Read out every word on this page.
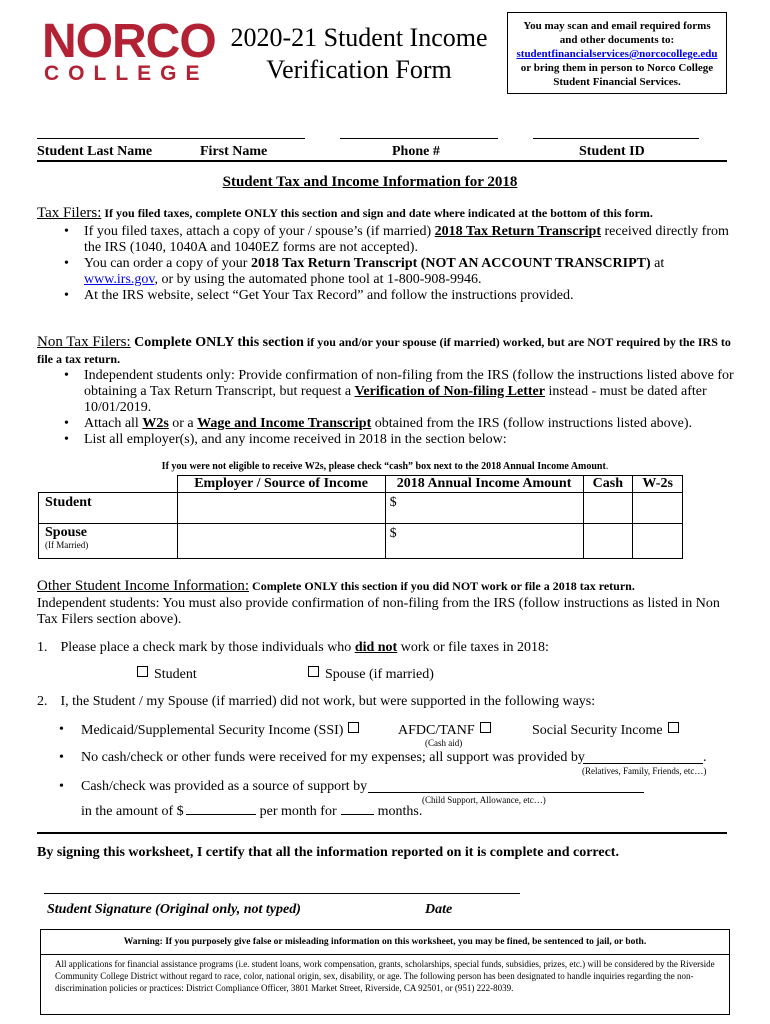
NORCO
COLLEGE
2020-21 Student Income
Verification Form
You may scan and email required forms
and other documents to:
studentfinancialservices@norcocollege.edu
or bring them in person to Norco College
Student Financial Services.
Student Last Name	First Name	Phone #	Student ID
Student Tax and Income Information for 2018
Tax Filers: If you filed taxes, complete ONLY this section and sign and date where indicated at the bottom of this form.
• If you filed taxes, attach a copy of your / spouse’s (if married) 2018 Tax Return Transcript received directly from the IRS (1040, 1040A and 1040EZ forms are not accepted).
• You can order a copy of your 2018 Tax Return Transcript (NOT AN ACCOUNT TRANSCRIPT) at www.irs.gov, or by using the automated phone tool at 1-800-908-9946.
• At the IRS website, select “Get Your Tax Record” and follow the instructions provided.
Non Tax Filers: Complete ONLY this section if you and/or your spouse (if married) worked, but are NOT required by the IRS to file a tax return.
• Independent students only: Provide confirmation of non-filing from the IRS (follow the instructions listed above for obtaining a Tax Return Transcript, but request a Verification of Non-filing Letter instead - must be dated after 10/01/2019.
• Attach all W2s or a Wage and Income Transcript obtained from the IRS (follow instructions listed above).
• List all employer(s), and any income received in 2018 in the section below:
If you were not eligible to receive W2s, please check “cash” box next to the 2018 Annual Income Amount.
	Employer / Source of Income	2018 Annual Income Amount	Cash	W-2s
Student		$		

Spouse
(If Married)		$		
Other Student Income Information: Complete ONLY this section if you did NOT work or file a 2018 tax return.
Independent students: You must also provide confirmation of non-filing from the IRS (follow instructions as listed in Non Tax Filers section above).
1. Please place a check mark by those individuals who did not work or file taxes in 2018:
Student	Spouse (if married)
2. I, the Student / my Spouse (if married) did not work, but were supported in the following ways:
• Medicaid/Supplemental Security Income (SSI)	AFDC/TANF
(Cash aid)
Social Security Income
• No cash/check or other funds were received for my expenses; all support was provided by	.
(Relatives, Family, Friends, etc…)
• Cash/check was provided as a source of support by
(Child Support, Allowance, etc…)
in the amount of $	per month for	months.
By signing this worksheet, I certify that all the information reported on it is complete and correct.
Student Signature (Original only, not typed)	Date
Warning: If you purposely give false or misleading information on this worksheet, you may be fined, be sentenced to jail, or both.
All applications for financial assistance programs (i.e. student loans, work compensation, grants, scholarships, special funds, subsidies, prizes, etc.) will be considered by the Riverside Community College District without regard to race, color, national origin, sex, disability, or age. The following person has been designated to handle inquiries regarding the non-discrimination policies or practices: District Compliance Officer, 3801 Market Street, Riverside, CA 92501, or (951) 222-8039.
